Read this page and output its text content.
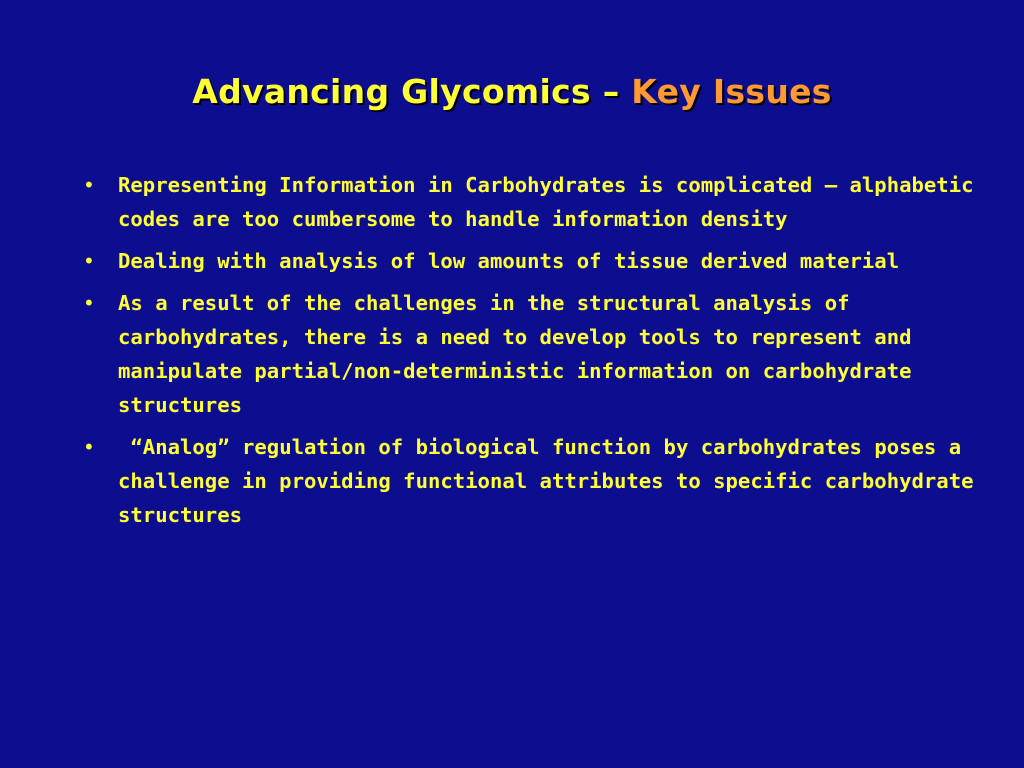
Advancing Glycomics – Key Issues
• Representing Information in Carbohydrates is complicated – alphabetic codes are too cumbersome to handle information density
• Dealing with analysis of low amounts of tissue derived material
• As a result of the challenges in the structural analysis of carbohydrates, there is a need to develop tools to represent and manipulate partial/non-deterministic information on carbohydrate structures
• “Analog” regulation of biological function by carbohydrates poses a challenge in providing functional attributes to specific carbohydrate structures
